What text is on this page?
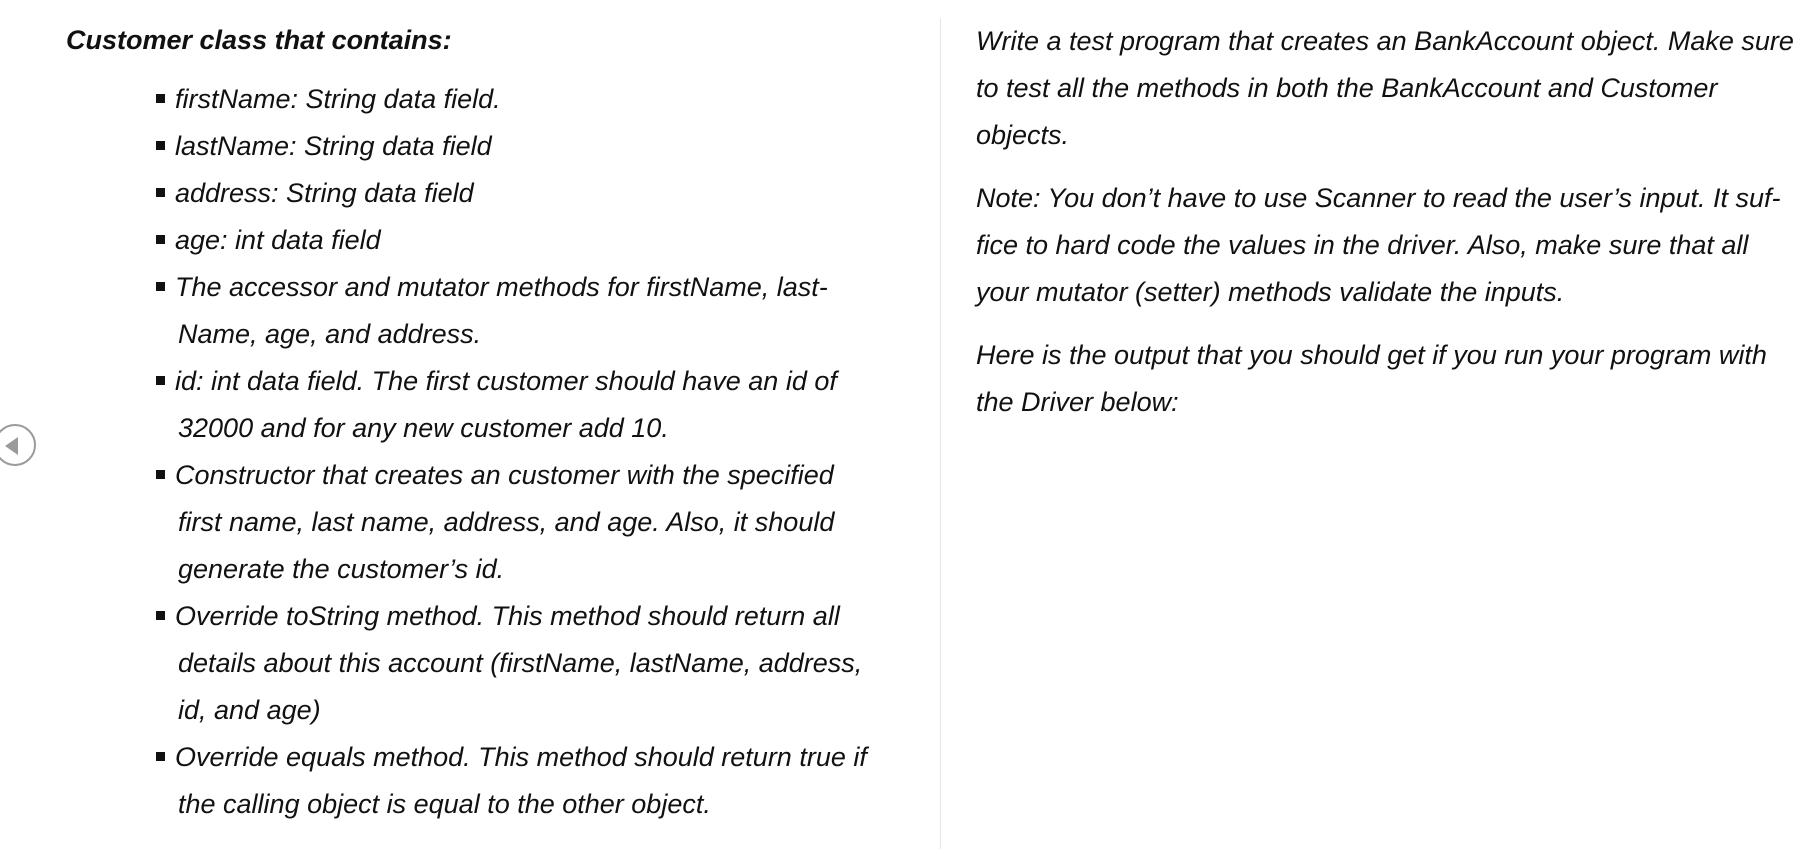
Customer class that contains:
firstName: String data field.
lastName: String data field
address: String data field
age: int data field
The accessor and mutator methods for firstName, last-Name, age, and address.
id: int data field. The first customer should have an id of 32000 and for any new customer add 10.
Constructor that creates an customer with the specified first name, last name, address, and age. Also, it should generate the customer’s id.
Override toString method. This method should return all details about this account (firstName, lastName, address, id, and age)
Override equals method. This method should return true if the calling object is equal to the other object.

Write a test program that creates an BankAccount object. Make sure to test all the methods in both the BankAccount and Customer objects.

Note: You don’t have to use Scanner to read the user’s input. It suf-fice to hard code the values in the driver. Also, make sure that all your mutator (setter) methods validate the inputs.

Here is the output that you should get if you run your program with the Driver below:
